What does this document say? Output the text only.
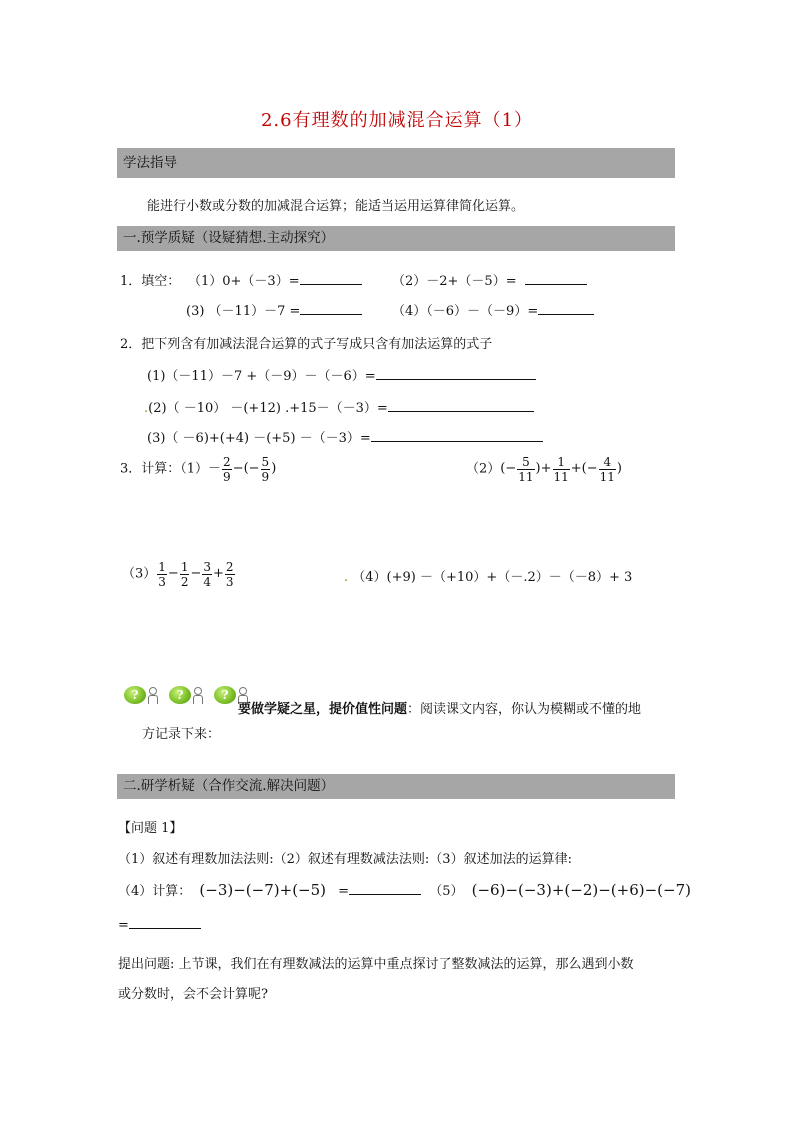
2.6有理数的加减混合运算（1）
学法指导
能进行小数或分数的加减混合运算；能适当运用运算律简化运算。
一.预学质疑（设疑猜想.主动探究）
1．填空： （1）0+（－3）=	（2）－2+（－5）=
(3) （－11）－7 =	（4）（－6）－（－9）=
2．把下列含有加减法混合运算的式子写成只含有加法运算的式子
(1)（－11）－7 +（－9）－（－6）=
.(2)（ －10） －(+12) .+15－（－3）=
(3)（ －6)+(+4) －(+5) －（－3）=
3．计算：$(1)- \frac{2}{9}$ −(− $\frac{5}{9}$ )	$(2)(- \frac{5}{11}$ )+ $\frac{1}{11}$ +(− $\frac{4}{11}$ )
$(3) \frac{1}{3} - \frac{1}{2} - \frac{3}{4} + \frac{2}{3}$	. （4）(+9) －（+10）+（－.2）－（－8）+ 3
?	?	?
要做学疑之星，提价值性问题：阅读课文内容，你认为模糊或不懂的地
方记录下来：
二.研学析疑（合作交流.解决问题）
【问题 1】
（1）叙述有理数加法法则:（2）叙述有理数减法法则:（3）叙述加法的运算律:
（4）计算： (−3)−(−7)+(−5) =	（5） (−6)−(−3)+(−2)−(+6)−(−7)
=
提出问题: 上节课，我们在有理数减法的运算中重点探讨了整数减法的运算，那么遇到小数
或分数时，会不会计算呢?
